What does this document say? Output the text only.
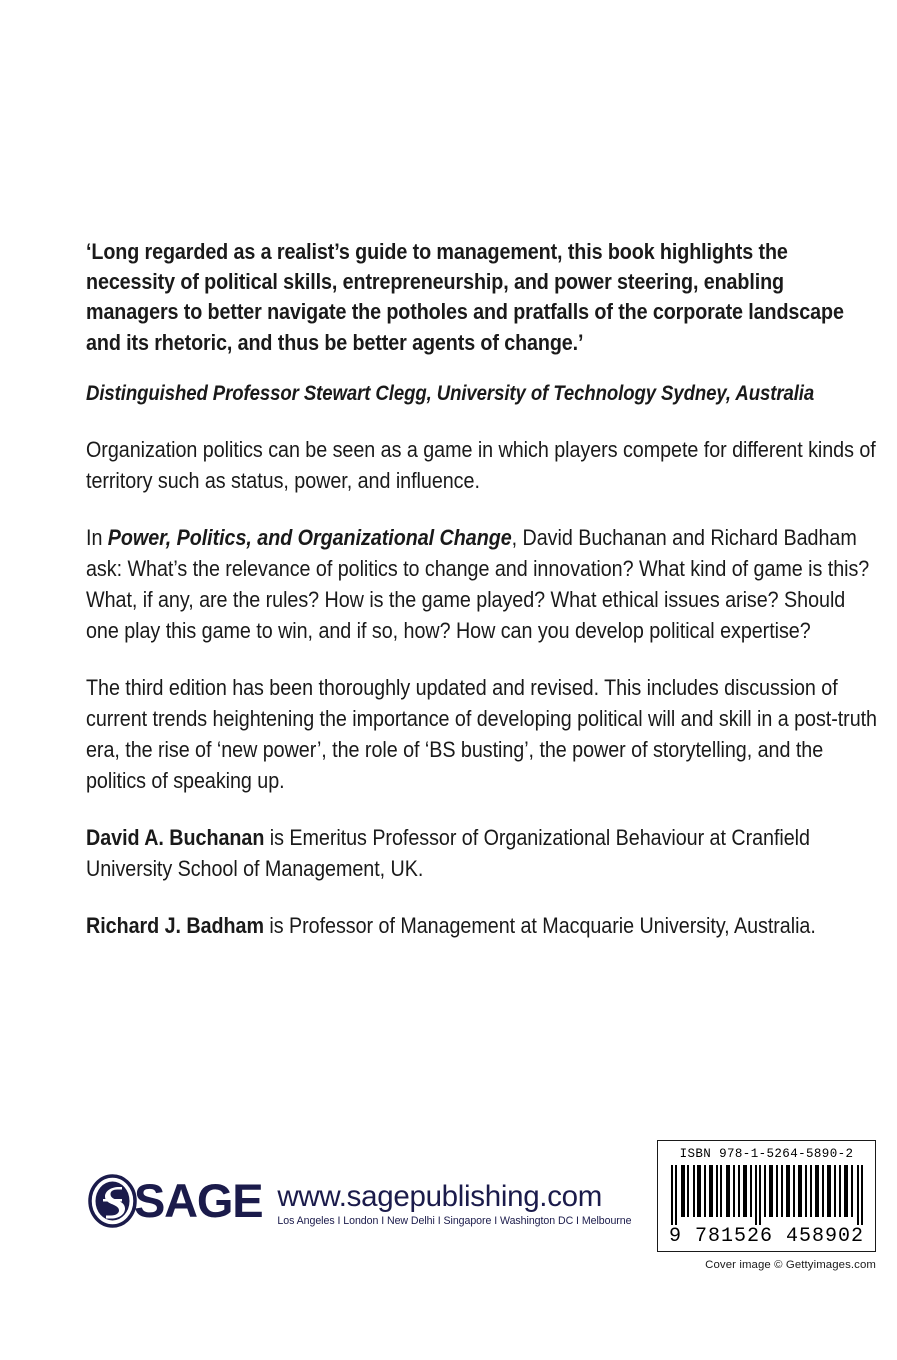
‘Long regarded as a realist’s guide to management, this book highlights the necessity of political skills, entrepreneurship, and power steering, enabling managers to better navigate the potholes and pratfalls of the corporate landscape and its rhetoric, and thus be better agents of change.’

Distinguished Professor Stewart Clegg, University of Technology Sydney, Australia

Organization politics can be seen as a game in which players compete for different kinds of territory such as status, power, and influence.

In Power, Politics, and Organizational Change, David Buchanan and Richard Badham ask: What’s the relevance of politics to change and innovation? What kind of game is this? What, if any, are the rules? How is the game played? What ethical issues arise? Should one play this game to win, and if so, how? How can you develop political expertise?

The third edition has been thoroughly updated and revised. This includes discussion of current trends heightening the importance of developing political will and skill in a post-truth era, the rise of ‘new power’, the role of ‘BS busting’, the power of storytelling, and the politics of speaking up.

David A. Buchanan is Emeritus Professor of Organizational Behaviour at Cranfield University School of Management, UK.

Richard J. Badham is Professor of Management at Macquarie University, Australia.

SAGE www.sagepublishing.com
Los Angeles I London I New Delhi I Singapore I Washington DC I Melbourne
ISBN 978-1-5264-5890-2
9 781526 458902
Cover image © Gettyimages.com
